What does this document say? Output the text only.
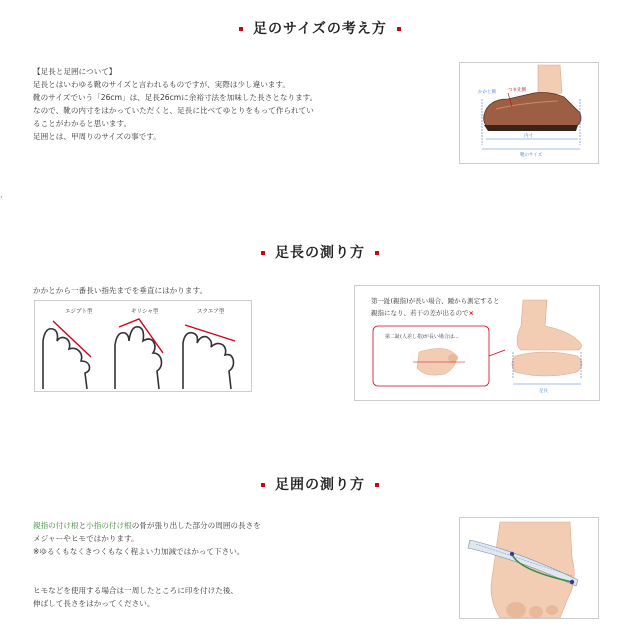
足のサイズの考え方
【足長と足囲について】
足長とはいわゆる靴のサイズと言われるものですが、実際は少し違います。
靴のサイズでいう「26cm」は、足長26cmに余裕寸法を加味した長さとなります。
なので、靴の内寸をはかっていただくと、足長に比べてゆとりをもって作られてい
ることがわかると思います。
足囲とは、甲周りのサイズの事です。
かかと側	つま先側
内寸
靴のサイズ
·
足長の測り方
かかとから一番長い指先までを垂直にはかります。
エジプト型	ギリシャ型	スクエア型
第一趾(親指)が長い場合、踵から測定すると
親指になり、若干の差が出るので×
第二趾(人差し指)が長い場合は…
足長
足囲の測り方
親指の付け根と小指の付け根の骨が張り出した部分の周囲の長さを
メジャーやヒモではかります。
※ゆるくもなくきつくもなく程よい力加減ではかって下さい。
ヒモなどを使用する場合は一周したところに印を付けた後、
伸ばして長さをはかってください。
